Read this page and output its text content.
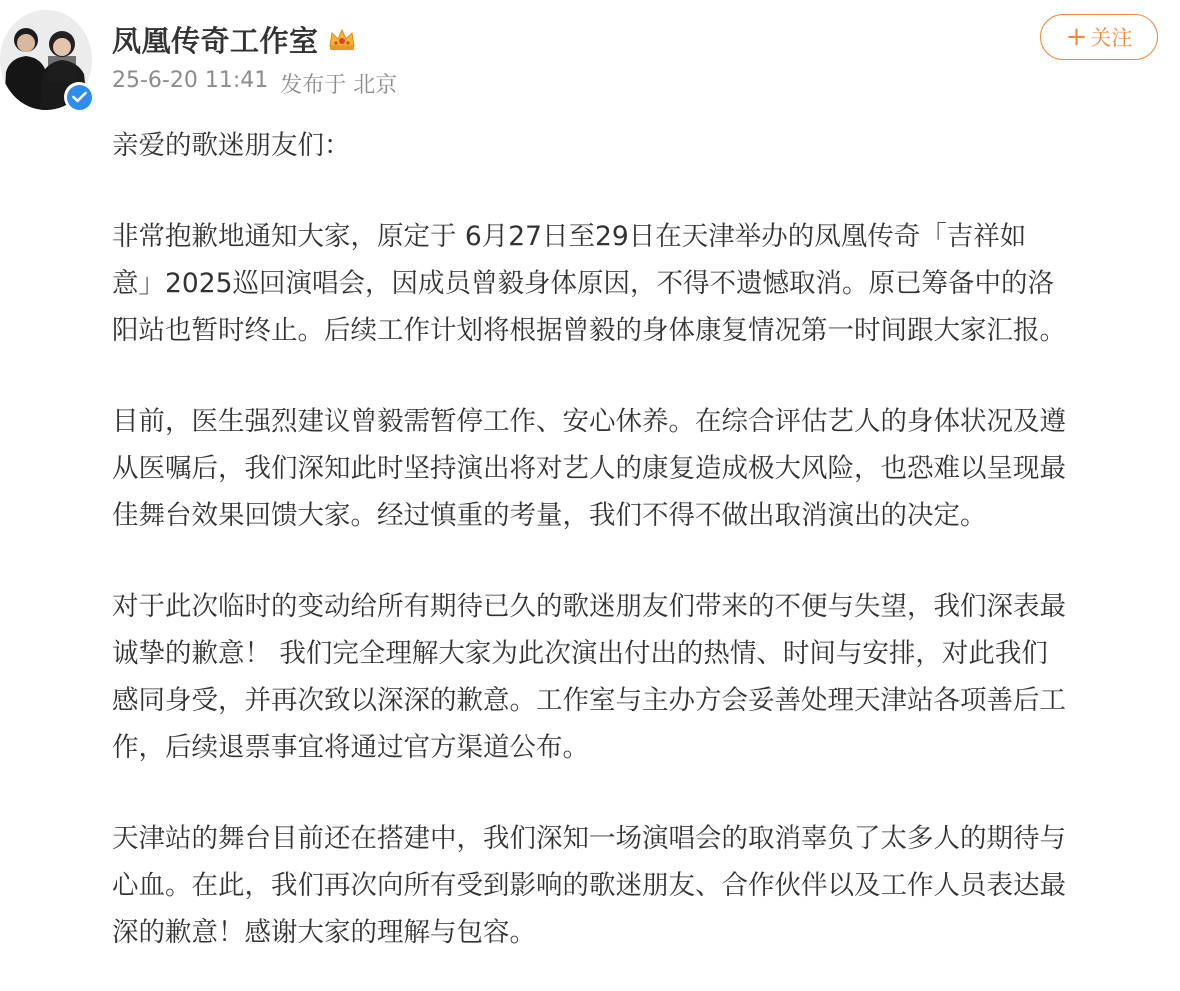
凤凰传奇工作室
25-6-20 11:41 发布于 北京
+ 关注

亲爱的歌迷朋友们：

非常抱歉地通知大家，原定于 6月27日至29日在天津举办的凤凰传奇「吉祥如

意」2025巡回演唱会，因成员曾毅身体原因，不得不遗憾取消。原已筹备中的洛

阳站也暂时终止。后续工作计划将根据曾毅的身体康复情况第一时间跟大家汇报。

目前，医生强烈建议曾毅需暂停工作、安心休养。在综合评估艺人的身体状况及遵

从医嘱后，我们深知此时坚持演出将对艺人的康复造成极大风险，也恐难以呈现最

佳舞台效果回馈大家。经过慎重的考量，我们不得不做出取消演出的决定。

对于此次临时的变动给所有期待已久的歌迷朋友们带来的不便与失望，我们深表最

诚挚的歉意！ 我们完全理解大家为此次演出付出的热情、时间与安排，对此我们

感同身受，并再次致以深深的歉意。工作室与主办方会妥善处理天津站各项善后工

作，后续退票事宜将通过官方渠道公布。

天津站的舞台目前还在搭建中，我们深知一场演唱会的取消辜负了太多人的期待与

心血。在此，我们再次向所有受到影响的歌迷朋友、合作伙伴以及工作人员表达最

深的歉意！感谢大家的理解与包容。
